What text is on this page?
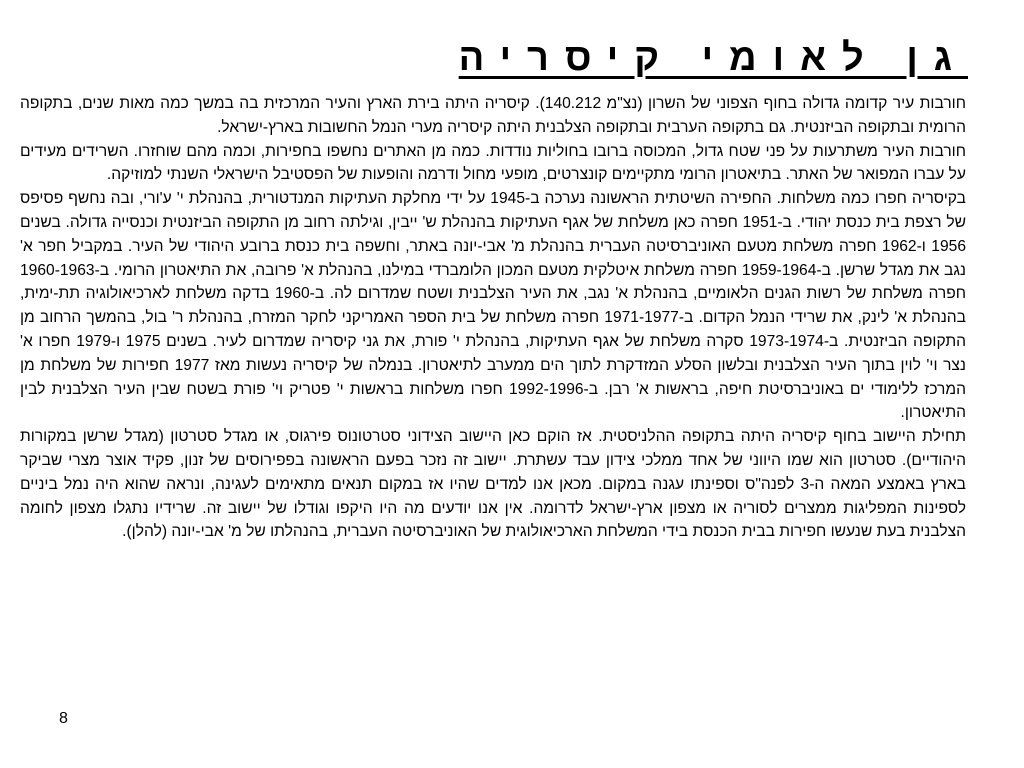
גן לאומי קיסריה

חורבות עיר קדומה גדולה בחוף הצפוני של השרון (נצ"מ 140.212). קיסריה היתה בירת הארץ והעיר המרכזית בה במשך כמה מאות שנים, בתקופה הרומית ובתקופה הביזנטית. גם בתקופה הערבית ובתקופה הצלבנית היתה קיסריה מערי הנמל החשובות בארץ-ישראל.

חורבות העיר משתרעות על פני שטח גדול, המכוסה ברובו בחוליות נודדות. כמה מן האתרים נחשפו בחפירות, וכמה מהם שוחזרו. השרידים מעידים על עברו המפואר של האתר. בתיאטרון הרומי מתקיימים קונצרטים, מופעי מחול ודרמה והופעות של הפסטיבל הישראלי השנתי למוזיקה.

בקיסריה חפרו כמה משלחות. החפירה השיטתית הראשונה נערכה ב-1945 על ידי מחלקת העתיקות המנדטורית, בהנהלת י' ע'ורי, ובה נחשף פסיפס של רצפת בית כנסת יהודי. ב-1951 חפרה כאן משלחת של אגף העתיקות בהנהלת ש' ייבין, וגילתה רחוב מן התקופה הביזנטית וכנסייה גדולה. בשנים 1956 ו-1962 חפרה משלחת מטעם האוניברסיטה העברית בהנהלת מ' אבי-יונה באתר, וחשפה בית כנסת ברובע היהודי של העיר. במקביל חפר א' נגב את מגדל שרשן. ב-1959-1964 חפרה משלחת איטלקית מטעם המכון הלומברדי במילנו, בהנהלת א' פרובה, את התיאטרון הרומי. ב-1960-1963 חפרה משלחת של רשות הגנים הלאומיים, בהנהלת א' נגב, את העיר הצלבנית ושטח שמדרום לה. ב-1960 בדקה משלחת לארכיאולוגיה תת-ימית, בהנהלת א' לינק, את שרידי הנמל הקדום. ב-1971-1977 חפרה משלחת של בית הספר האמריקני לחקר המזרח, בהנהלת ר' בול, בהמשך הרחוב מן התקופה הביזנטית. ב-1973-1974 סקרה משלחת של אגף העתיקות, בהנהלת י' פורת, את גני קיסריה שמדרום לעיר. בשנים 1975 ו-1979 חפרו א' נצר וי' לוין בתוך העיר הצלבנית ובלשון הסלע המזדקרת לתוך הים ממערב לתיאטרון. בנמלה של קיסריה נעשות מאז 1977 חפירות של משלחת מן המרכז ללימודי ים באוניברסיטת חיפה, בראשות א' רבן. ב-1992-1996 חפרו משלחות בראשות י' פטריק וי' פורת בשטח שבין העיר הצלבנית לבין התיאטרון.

תחילת היישוב בחוף קיסריה היתה בתקופה ההלניסטית. אז הוקם כאן היישוב הצידוני סטרטונוס פירגוס, או מגדל סטרטון (מגדל שרשן במקורות היהודיים). סטרטון הוא שמו היווני של אחד ממלכי צידון עבד עשתרת. יישוב זה נזכר בפעם הראשונה בפפירוסים של זנון, פקיד אוצר מצרי שביקר בארץ באמצע המאה ה-3 לפנה"ס וספינתו עגנה במקום. מכאן אנו למדים שהיו אז במקום תנאים מתאימים לעגינה, ונראה שהוא היה נמל ביניים לספינות המפליגות ממצרים לסוריה או מצפון ארץ-ישראל לדרומה. אין אנו יודעים מה היו היקפו וגודלו של יישוב זה. שרידיו נתגלו מצפון לחומה הצלבנית בעת שנעשו חפירות בבית הכנסת בידי המשלחת הארכיאולוגית של האוניברסיטה העברית, בהנהלתו של מ' אבי-יונה (להלן).

8
